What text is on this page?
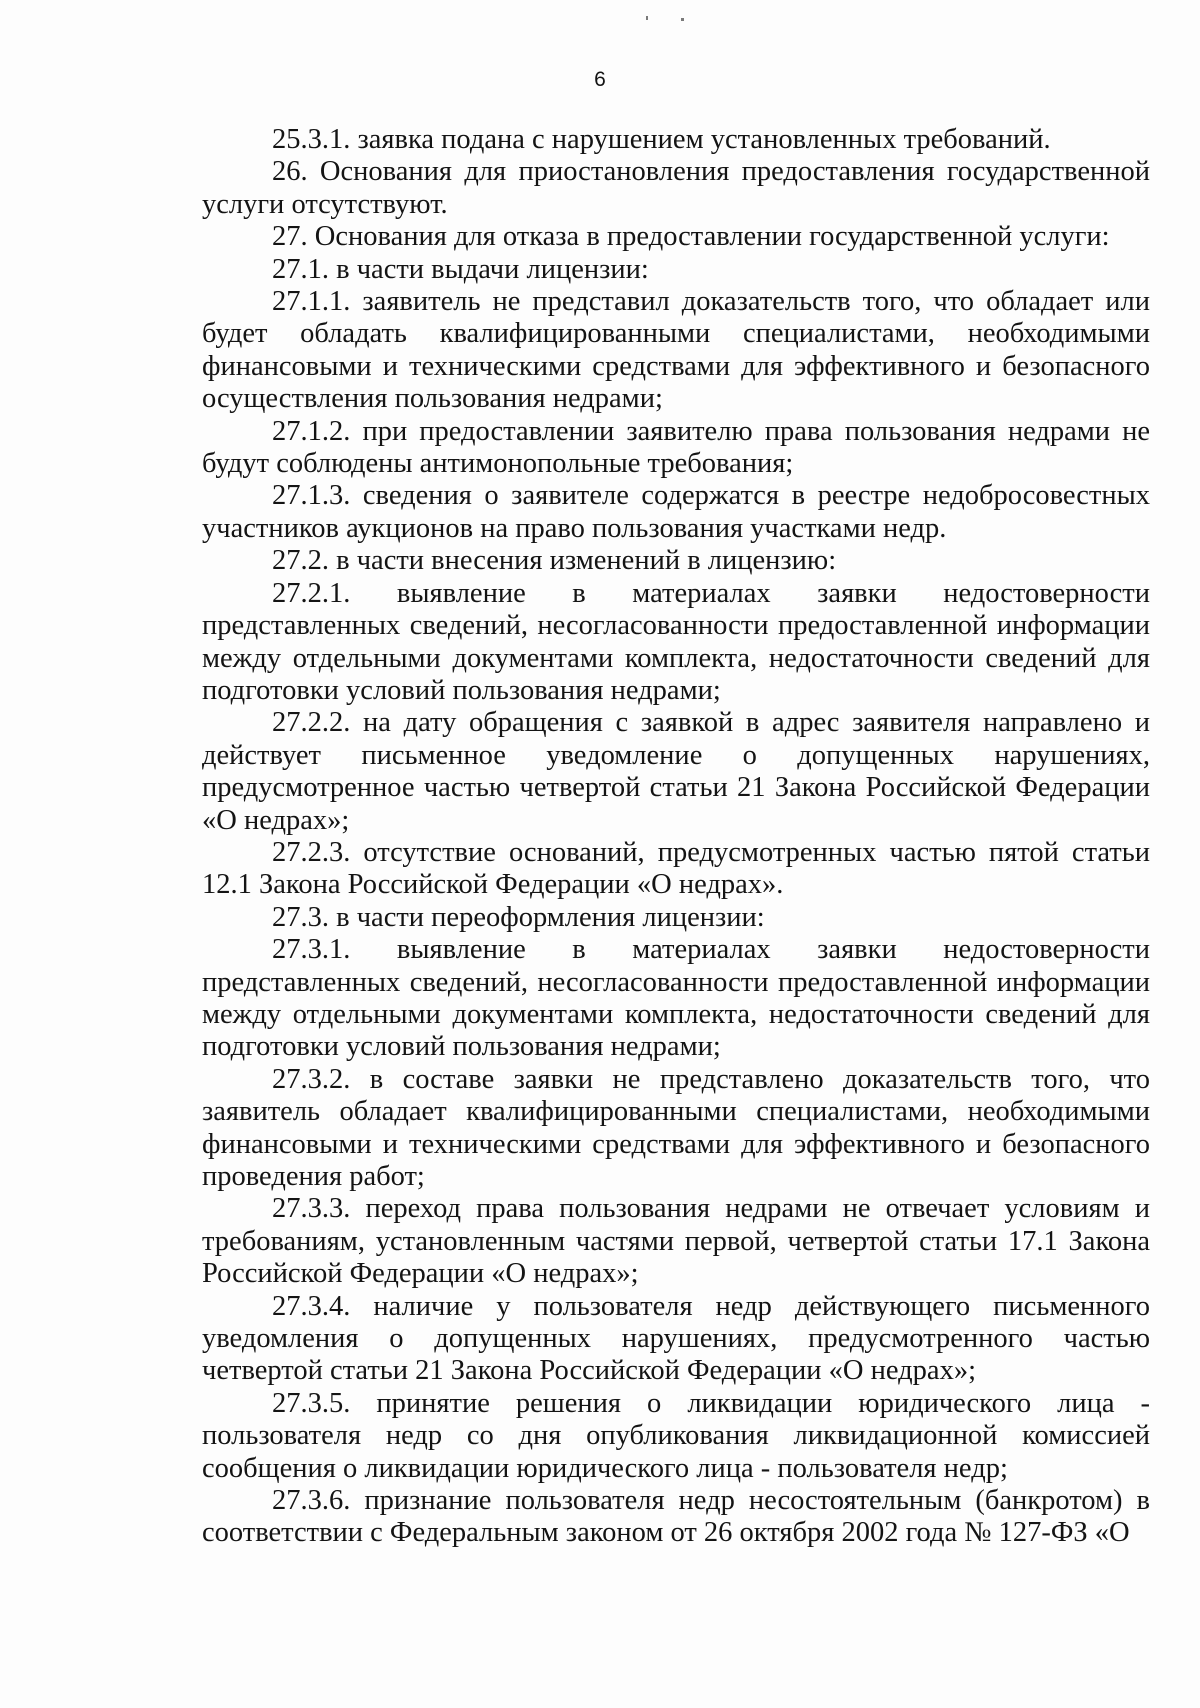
6

25.3.1. заявка подана с нарушением установленных требований.

26. Основания для приостановления предоставления государственной услуги отсутствуют.

27. Основания для отказа в предоставлении государственной услуги:

27.1. в части выдачи лицензии:

27.1.1. заявитель не представил доказательств того, что обладает или будет обладать квалифицированными специалистами, необходимыми финансовыми и техническими средствами для эффективного и безопасного осуществления пользования недрами;

27.1.2. при предоставлении заявителю права пользования недрами не будут соблюдены антимонопольные требования;

27.1.3. сведения о заявителе содержатся в реестре недобросовестных участников аукционов на право пользования участками недр.

27.2. в части внесения изменений в лицензию:

27.2.1. выявление в материалах заявки недостоверности представленных сведений, несогласованности предоставленной информации между отдельными документами комплекта, недостаточности сведений для подготовки условий пользования недрами;

27.2.2. на дату обращения с заявкой в адрес заявителя направлено и действует письменное уведомление о допущенных нарушениях, предусмотренное частью четвертой статьи 21 Закона Российской Федерации «О недрах»;

27.2.3. отсутствие оснований, предусмотренных частью пятой статьи 12.1 Закона Российской Федерации «О недрах».

27.3. в части переоформления лицензии:

27.3.1. выявление в материалах заявки недостоверности представленных сведений, несогласованности предоставленной информации между отдельными документами комплекта, недостаточности сведений для подготовки условий пользования недрами;

27.3.2. в составе заявки не представлено доказательств того, что заявитель обладает квалифицированными специалистами, необходимыми финансовыми и техническими средствами для эффективного и безопасного проведения работ;

27.3.3. переход права пользования недрами не отвечает условиям и требованиям, установленным частями первой, четвертой статьи 17.1 Закона Российской Федерации «О недрах»;

27.3.4. наличие у пользователя недр действующего письменного уведомления о допущенных нарушениях, предусмотренного частью четвертой статьи 21 Закона Российской Федерации «О недрах»;

27.3.5. принятие решения о ликвидации юридического лица - пользователя недр со дня опубликования ликвидационной комиссией сообщения о ликвидации юридического лица - пользователя недр;

27.3.6. признание пользователя недр несостоятельным (банкротом) в соответствии с Федеральным законом от 26 октября 2002 года № 127-ФЗ «О
